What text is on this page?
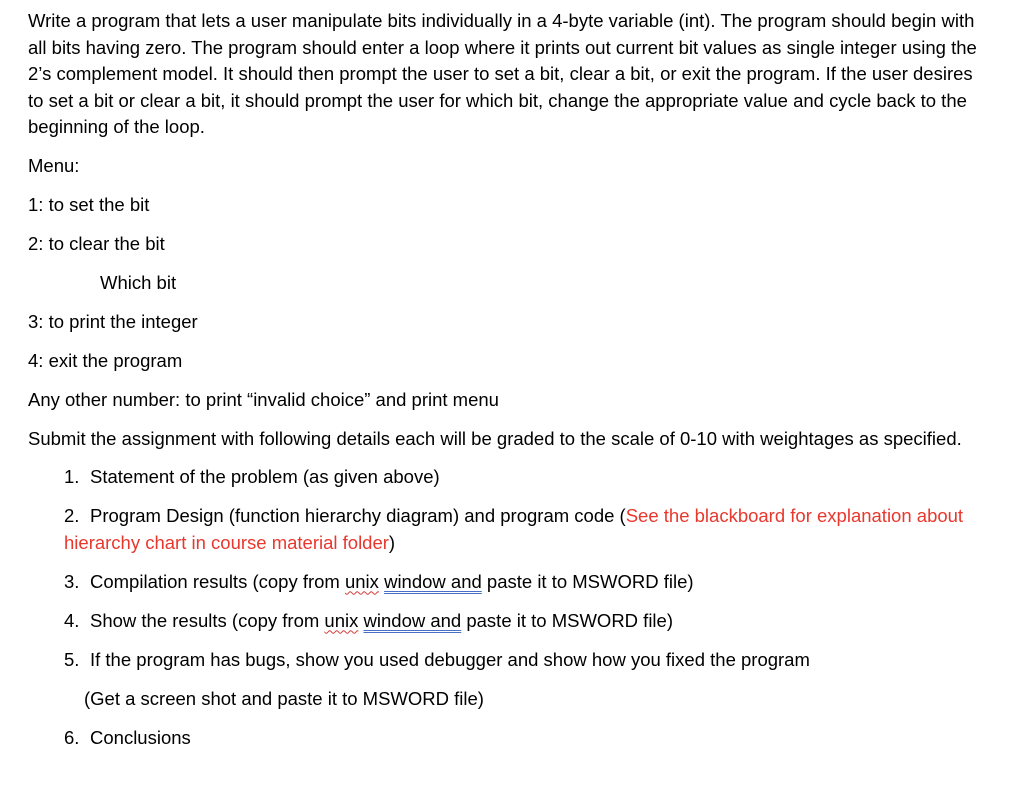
Write a program that lets a user manipulate bits individually in a 4-byte variable (int). The program should begin with all bits having zero. The program should enter a loop where it prints out current bit values as single integer using the 2’s complement model. It should then prompt the user to set a bit, clear a bit, or exit the program. If the user desires to set a bit or clear a bit, it should prompt the user for which bit, change the appropriate value and cycle back to the beginning of the loop.

Menu:

1: to set the bit

2: to clear the bit

Which bit

3: to print the integer

4: exit the program

Any other number: to print “invalid choice” and print menu

Submit the assignment with following details each will be graded to the scale of 0-10 with weightages as specified.

1. Statement of the problem (as given above)
2. Program Design (function hierarchy diagram) and program code (See the blackboard for explanation about hierarchy chart in course material folder)
3. Compilation results (copy from unix window and paste it to MSWORD file)
4. Show the results (copy from unix window and paste it to MSWORD file)
5. If the program has bugs, show you used debugger and show how you fixed the program
(Get a screen shot and paste it to MSWORD file)
6. Conclusions
